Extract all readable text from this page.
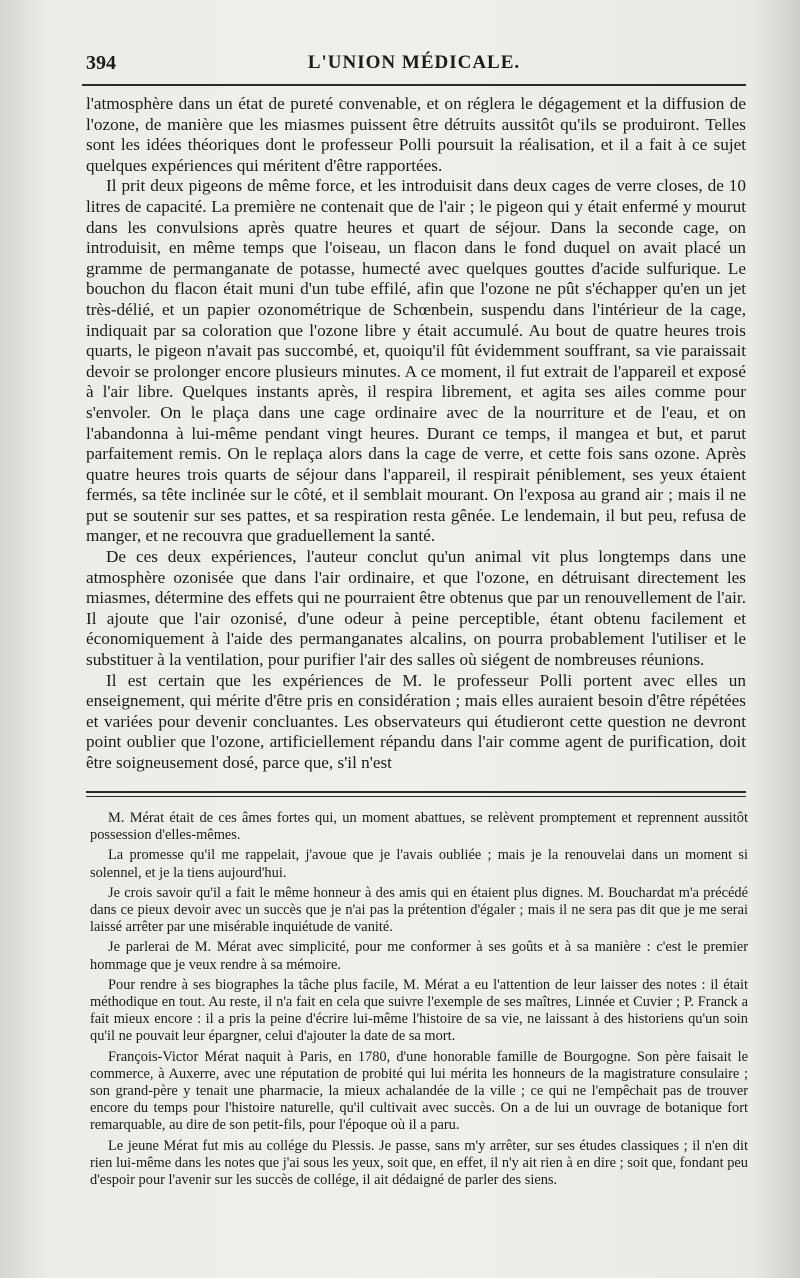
394	L'UNION MÉDICALE.

l'atmosphère dans un état de pureté convenable, et on réglera le dégagement et la diffusion de l'ozone, de manière que les miasmes puissent être détruits aussitôt qu'ils se produiront. Telles sont les idées théoriques dont le professeur Polli poursuit la réalisation, et il a fait à ce sujet quelques expériences qui méritent d'être rapportées.

Il prit deux pigeons de même force, et les introduisit dans deux cages de verre closes, de 10 litres de capacité. La première ne contenait que de l'air ; le pigeon qui y était enfermé y mourut dans les convulsions après quatre heures et quart de séjour. Dans la seconde cage, on introduisit, en même temps que l'oiseau, un flacon dans le fond duquel on avait placé un gramme de permanganate de potasse, humecté avec quelques gouttes d'acide sulfurique. Le bouchon du flacon était muni d'un tube effilé, afin que l'ozone ne pût s'échapper qu'en un jet très-délié, et un papier ozonométrique de Schœnbein, suspendu dans l'intérieur de la cage, indiquait par sa coloration que l'ozone libre y était accumulé. Au bout de quatre heures trois quarts, le pigeon n'avait pas succombé, et, quoiqu'il fût évidemment souffrant, sa vie paraissait devoir se prolonger encore plusieurs minutes. A ce moment, il fut extrait de l'appareil et exposé à l'air libre. Quelques instants après, il respira librement, et agita ses ailes comme pour s'envoler. On le plaça dans une cage ordinaire avec de la nourriture et de l'eau, et on l'abandonna à lui-même pendant vingt heures. Durant ce temps, il mangea et but, et parut parfaitement remis. On le replaça alors dans la cage de verre, et cette fois sans ozone. Après quatre heures trois quarts de séjour dans l'appareil, il respirait péniblement, ses yeux étaient fermés, sa tête inclinée sur le côté, et il semblait mourant. On l'exposa au grand air ; mais il ne put se soutenir sur ses pattes, et sa respiration resta gênée. Le lendemain, il but peu, refusa de manger, et ne recouvra que graduellement la santé.

De ces deux expériences, l'auteur conclut qu'un animal vit plus longtemps dans une atmosphère ozonisée que dans l'air ordinaire, et que l'ozone, en détruisant directement les miasmes, détermine des effets qui ne pourraient être obtenus que par un renouvellement de l'air. Il ajoute que l'air ozonisé, d'une odeur à peine perceptible, étant obtenu facilement et économiquement à l'aide des permanganates alcalins, on pourra probablement l'utiliser et le substituer à la ventilation, pour purifier l'air des salles où siégent de nombreuses réunions.

Il est certain que les expériences de M. le professeur Polli portent avec elles un enseignement, qui mérite d'être pris en considération ; mais elles auraient besoin d'être répétées et variées pour devenir concluantes. Les observateurs qui étudieront cette question ne devront point oublier que l'ozone, artificiellement répandu dans l'air comme agent de purification, doit être soigneusement dosé, parce que, s'il n'est

M. Mérat était de ces âmes fortes qui, un moment abattues, se relèvent promptement et reprennent aussitôt possession d'elles-mêmes.

La promesse qu'il me rappelait, j'avoue que je l'avais oubliée ; mais je la renouvelai dans un moment si solennel, et je la tiens aujourd'hui.

Je crois savoir qu'il a fait le même honneur à des amis qui en étaient plus dignes. M. Bouchardat m'a précédé dans ce pieux devoir avec un succès que je n'ai pas la prétention d'égaler ; mais il ne sera pas dit que je me serai laissé arrêter par une misérable inquiétude de vanité.

Je parlerai de M. Mérat avec simplicité, pour me conformer à ses goûts et à sa manière : c'est le premier hommage que je veux rendre à sa mémoire.

Pour rendre à ses biographes la tâche plus facile, M. Mérat a eu l'attention de leur laisser des notes : il était méthodique en tout. Au reste, il n'a fait en cela que suivre l'exemple de ses maîtres, Linnée et Cuvier ; P. Franck a fait mieux encore : il a pris la peine d'écrire lui-même l'histoire de sa vie, ne laissant à des historiens qu'un soin qu'il ne pouvait leur épargner, celui d'ajouter la date de sa mort.

François-Victor Mérat naquit à Paris, en 1780, d'une honorable famille de Bourgogne. Son père faisait le commerce, à Auxerre, avec une réputation de probité qui lui mérita les honneurs de la magistrature consulaire ; son grand-père y tenait une pharmacie, la mieux achalandée de la ville ; ce qui ne l'empêchait pas de trouver encore du temps pour l'histoire naturelle, qu'il cultivait avec succès. On a de lui un ouvrage de botanique fort remarquable, au dire de son petit-fils, pour l'époque où il a paru.

Le jeune Mérat fut mis au collége du Plessis. Je passe, sans m'y arrêter, sur ses études classiques ; il n'en dit rien lui-même dans les notes que j'ai sous les yeux, soit que, en effet, il n'y ait rien à en dire ; soit que, fondant peu d'espoir pour l'avenir sur les succès de collége, il ait dédaigné de parler des siens.
